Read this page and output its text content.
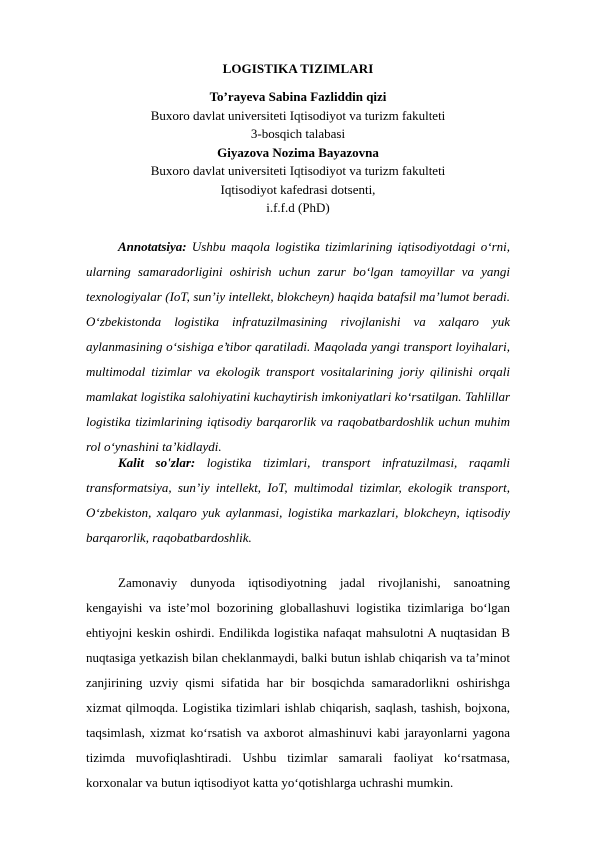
LOGISTIKA TIZIMLARI
To’rayeva Sabina Fazliddin qizi
Buxoro davlat universiteti Iqtisodiyot va turizm fakulteti
3-bosqich talabasi
Giyazova Nozima Bayazovna
Buxoro davlat universiteti Iqtisodiyot va turizm fakulteti
Iqtisodiyot kafedrasi dotsenti,
i.f.f.d (PhD)

Annotatsiya: Ushbu maqola logistika tizimlarining iqtisodiyotdagi o‘rni, ularning samaradorligini oshirish uchun zarur bo‘lgan tamoyillar va yangi texnologiyalar (IoT, sun’iy intellekt, blokcheyn) haqida batafsil ma’lumot beradi. O‘zbekistonda logistika infratuzilmasining rivojlanishi va xalqaro yuk aylanmasining o‘sishiga e’tibor qaratiladi. Maqolada yangi transport loyihalari, multimodal tizimlar va ekologik transport vositalarining joriy qilinishi orqali mamlakat logistika salohiyatini kuchaytirish imkoniyatlari ko‘rsatilgan. Tahlillar logistika tizimlarining iqtisodiy barqarorlik va raqobatbardoshlik uchun muhim rol o‘ynashini ta’kidlaydi.

Kalit so'zlar: logistika tizimlari, transport infratuzilmasi, raqamli transformatsiya, sun’iy intellekt, IoT, multimodal tizimlar, ekologik transport, O‘zbekiston, xalqaro yuk aylanmasi, logistika markazlari, blokcheyn, iqtisodiy barqarorlik, raqobatbardoshlik.

Zamonaviy dunyoda iqtisodiyotning jadal rivojlanishi, sanoatning kengayishi va iste’mol bozorining globallashuvi logistika tizimlariga bo‘lgan ehtiyojni keskin oshirdi. Endilikda logistika nafaqat mahsulotni A nuqtasidan B nuqtasiga yetkazish bilan cheklanmaydi, balki butun ishlab chiqarish va ta’minot zanjirining uzviy qismi sifatida har bir bosqichda samaradorlikni oshirishga xizmat qilmoqda. Logistika tizimlari ishlab chiqarish, saqlash, tashish, bojxona, taqsimlash, xizmat ko‘rsatish va axborot almashinuvi kabi jarayonlarni yagona tizimda muvofiqlashtiradi. Ushbu tizimlar samarali faoliyat ko‘rsatmasa, korxonalar va butun iqtisodiyot katta yo‘qotishlarga uchrashi mumkin.
